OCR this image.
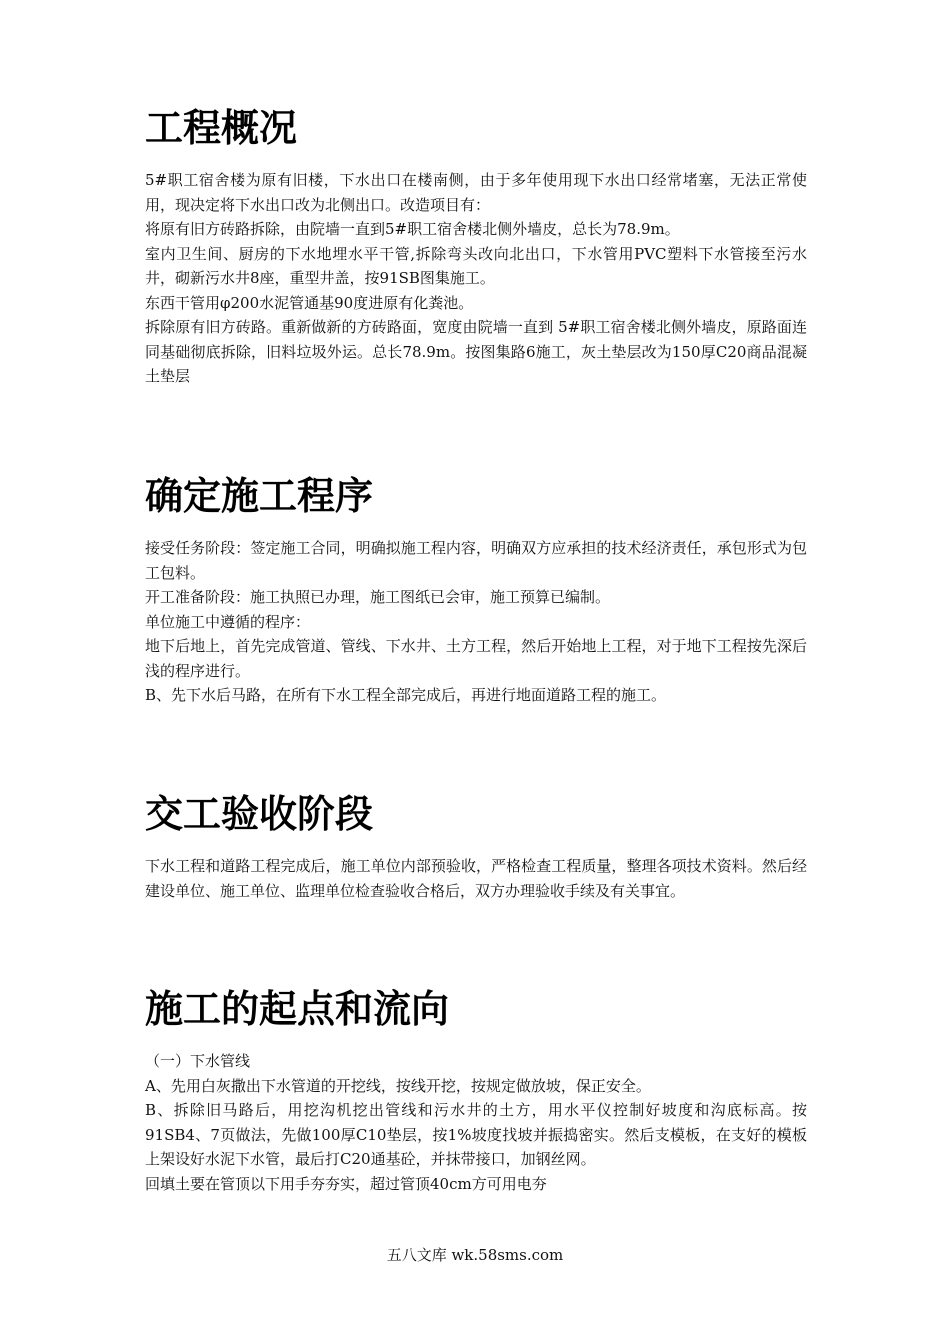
工程概况

5#职工宿舍楼为原有旧楼，下水出口在楼南侧，由于多年使用现下水出口经常堵塞，无法正常使用，现决定将下水出口改为北侧出口。改造项目有：

将原有旧方砖路拆除，由院墙一直到5#职工宿舍楼北侧外墙皮，总长为78.9m。

室内卫生间、厨房的下水地埋水平干管,拆除弯头改向北出口，下水管用PVC塑料下水管接至污水井，砌新污水井8座，重型井盖，按91SB图集施工。

东西干管用φ200水泥管通基90度进原有化粪池。

拆除原有旧方砖路。重新做新的方砖路面，宽度由院墙一直到 5#职工宿舍楼北侧外墙皮，原路面连同基础彻底拆除，旧料垃圾外运。总长78.9m。按图集路6施工，灰土垫层改为150厚C20商品混凝土垫层

确定施工程序

接受任务阶段：签定施工合同，明确拟施工程内容，明确双方应承担的技术经济责任，承包形式为包工包料。

开工准备阶段：施工执照已办理，施工图纸已会审，施工预算已编制。

单位施工中遵循的程序：

地下后地上，首先完成管道、管线、下水井、土方工程，然后开始地上工程，对于地下工程按先深后浅的程序进行。

B、先下水后马路，在所有下水工程全部完成后，再进行地面道路工程的施工。

交工验收阶段

下水工程和道路工程完成后，施工单位内部预验收，严格检查工程质量，整理各项技术资料。然后经建设单位、施工单位、监理单位检查验收合格后，双方办理验收手续及有关事宜。

施工的起点和流向

（一）下水管线

A、先用白灰撒出下水管道的开挖线，按线开挖，按规定做放坡，保正安全。

B、拆除旧马路后，用挖沟机挖出管线和污水井的土方，用水平仪控制好坡度和沟底标高。按91SB4、7页做法，先做100厚C10垫层，按1%坡度找坡并振捣密实。然后支模板，在支好的模板上架设好水泥下水管，最后打C20通基砼，并抹带接口，加钢丝网。

回填土要在管顶以下用手夯夯实，超过管顶40cm方可用电夯

五八文库 wk.58sms.com
